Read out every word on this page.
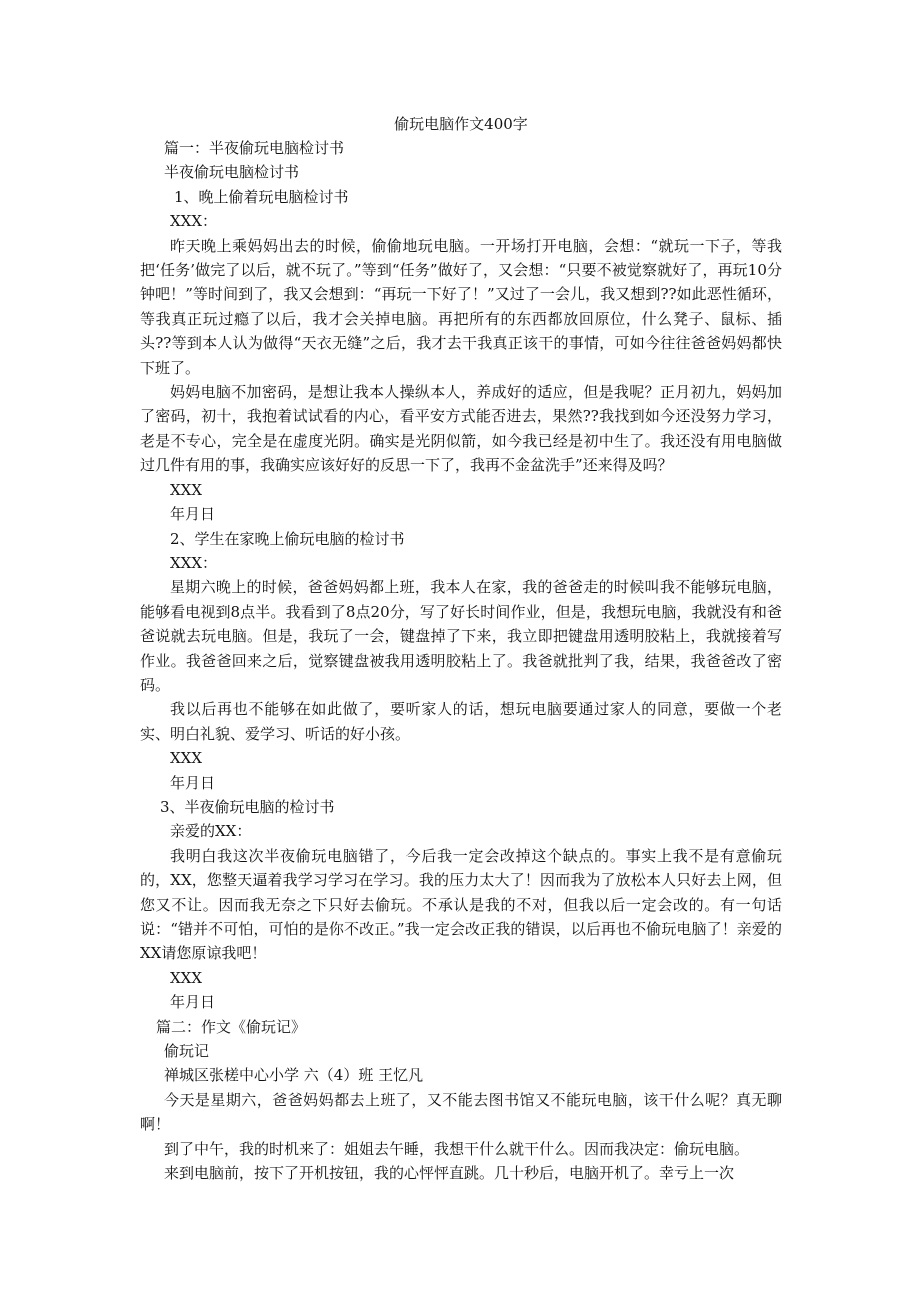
偷玩电脑作文400字

篇一：半夜偷玩电脑检讨书

半夜偷玩电脑检讨书

1、晚上偷着玩电脑检讨书

XXX：

昨天晚上乘妈妈出去的时候，偷偷地玩电脑。一开场打开电脑，会想：“就玩一下子，等我把‘任务’做完了以后，就不玩了。”等到“任务”做好了，又会想：“只要不被觉察就好了，再玩10分钟吧！”等时间到了，我又会想到：“再玩一下好了！”又过了一会儿，我又想到??如此恶性循环，等我真正玩过瘾了以后，我才会关掉电脑。再把所有的东西都放回原位，什么凳子、鼠标、插头??等到本人认为做得“天衣无缝”之后，我才去干我真正该干的事情，可如今往往爸爸妈妈都快下班了。

妈妈电脑不加密码，是想让我本人操纵本人，养成好的适应，但是我呢？正月初九，妈妈加了密码，初十，我抱着试试看的内心，看平安方式能否进去，果然??我找到如今还没努力学习，老是不专心，完全是在虚度光阴。确实是光阴似箭，如今我已经是初中生了。我还没有用电脑做过几件有用的事，我确实应该好好的反思一下了，我再不金盆洗手”还来得及吗？

XXX

年月日

2、学生在家晚上偷玩电脑的检讨书

XXX：

星期六晚上的时候，爸爸妈妈都上班，我本人在家，我的爸爸走的时候叫我不能够玩电脑，能够看电视到8点半。我看到了8点20分，写了好长时间作业，但是，我想玩电脑，我就没有和爸爸说就去玩电脑。但是，我玩了一会，键盘掉了下来，我立即把键盘用透明胶粘上，我就接着写作业。我爸爸回来之后，觉察键盘被我用透明胶粘上了。我爸就批判了我，结果，我爸爸改了密码。

我以后再也不能够在如此做了，要听家人的话，想玩电脑要通过家人的同意，要做一个老实、明白礼貌、爱学习、听话的好小孩。

XXX

年月日

3、半夜偷玩电脑的检讨书

亲爱的XX：

我明白我这次半夜偷玩电脑错了，今后我一定会改掉这个缺点的。事实上我不是有意偷玩的，XX，您整天逼着我学习学习在学习。我的压力太大了！因而我为了放松本人只好去上网，但您又不让。因而我无奈之下只好去偷玩。不承认是我的不对，但我以后一定会改的。有一句话说：“错并不可怕，可怕的是你不改正。”我一定会改正我的错误，以后再也不偷玩电脑了！亲爱的XX请您原谅我吧！

XXX

年月日

篇二：作文《偷玩记》

偷玩记

禅城区张槎中心小学 六（4）班 王忆凡

今天是星期六，爸爸妈妈都去上班了，又不能去图书馆又不能玩电脑，该干什么呢？真无聊啊！

到了中午，我的时机来了：姐姐去午睡，我想干什么就干什么。因而我决定：偷玩电脑。

来到电脑前，按下了开机按钮，我的心怦怦直跳。几十秒后，电脑开机了。幸亏上一次
